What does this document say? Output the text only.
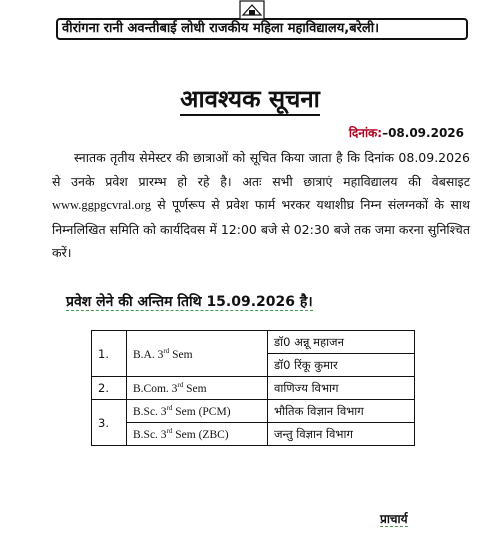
वीरांगना रानी अवन्तीबाई लोधी राजकीय महिला महाविद्यालय,बरेली।
आवश्यक सूचना
दिनांक:–08.09.2026
स्नातक तृतीय सेमेस्टर की छात्राओं को सूचित किया जाता है कि दिनांक 08.09.2026 से उनके प्रवेश प्रारम्भ हो रहे है। अतः सभी छात्राएं महाविद्यालय की वेबसाइट www.ggpgcvral.org से पूर्णरूप से प्रवेश फार्म भरकर यथाशीघ्र निम्न संलग्नकों के साथ निम्नलिखित समिति को कार्यदिवस में 12:00 बजे से 02:30 बजे तक जमा करना सुनिश्चित करें।
प्रवेश लेने की अन्तिम तिथि 15.09.2026 है।
1.	B.A. 3rd Sem	डॉ0 अन्नू महाजन
		डॉ0 रिंकू कुमार
2.	B.Com. 3rd Sem	वाणिज्य विभाग
3.	B.Sc. 3rd Sem (PCM)	भौतिक विज्ञान विभाग
	B.Sc. 3rd Sem (ZBC)	जन्तु विज्ञान विभाग
प्राचार्य
